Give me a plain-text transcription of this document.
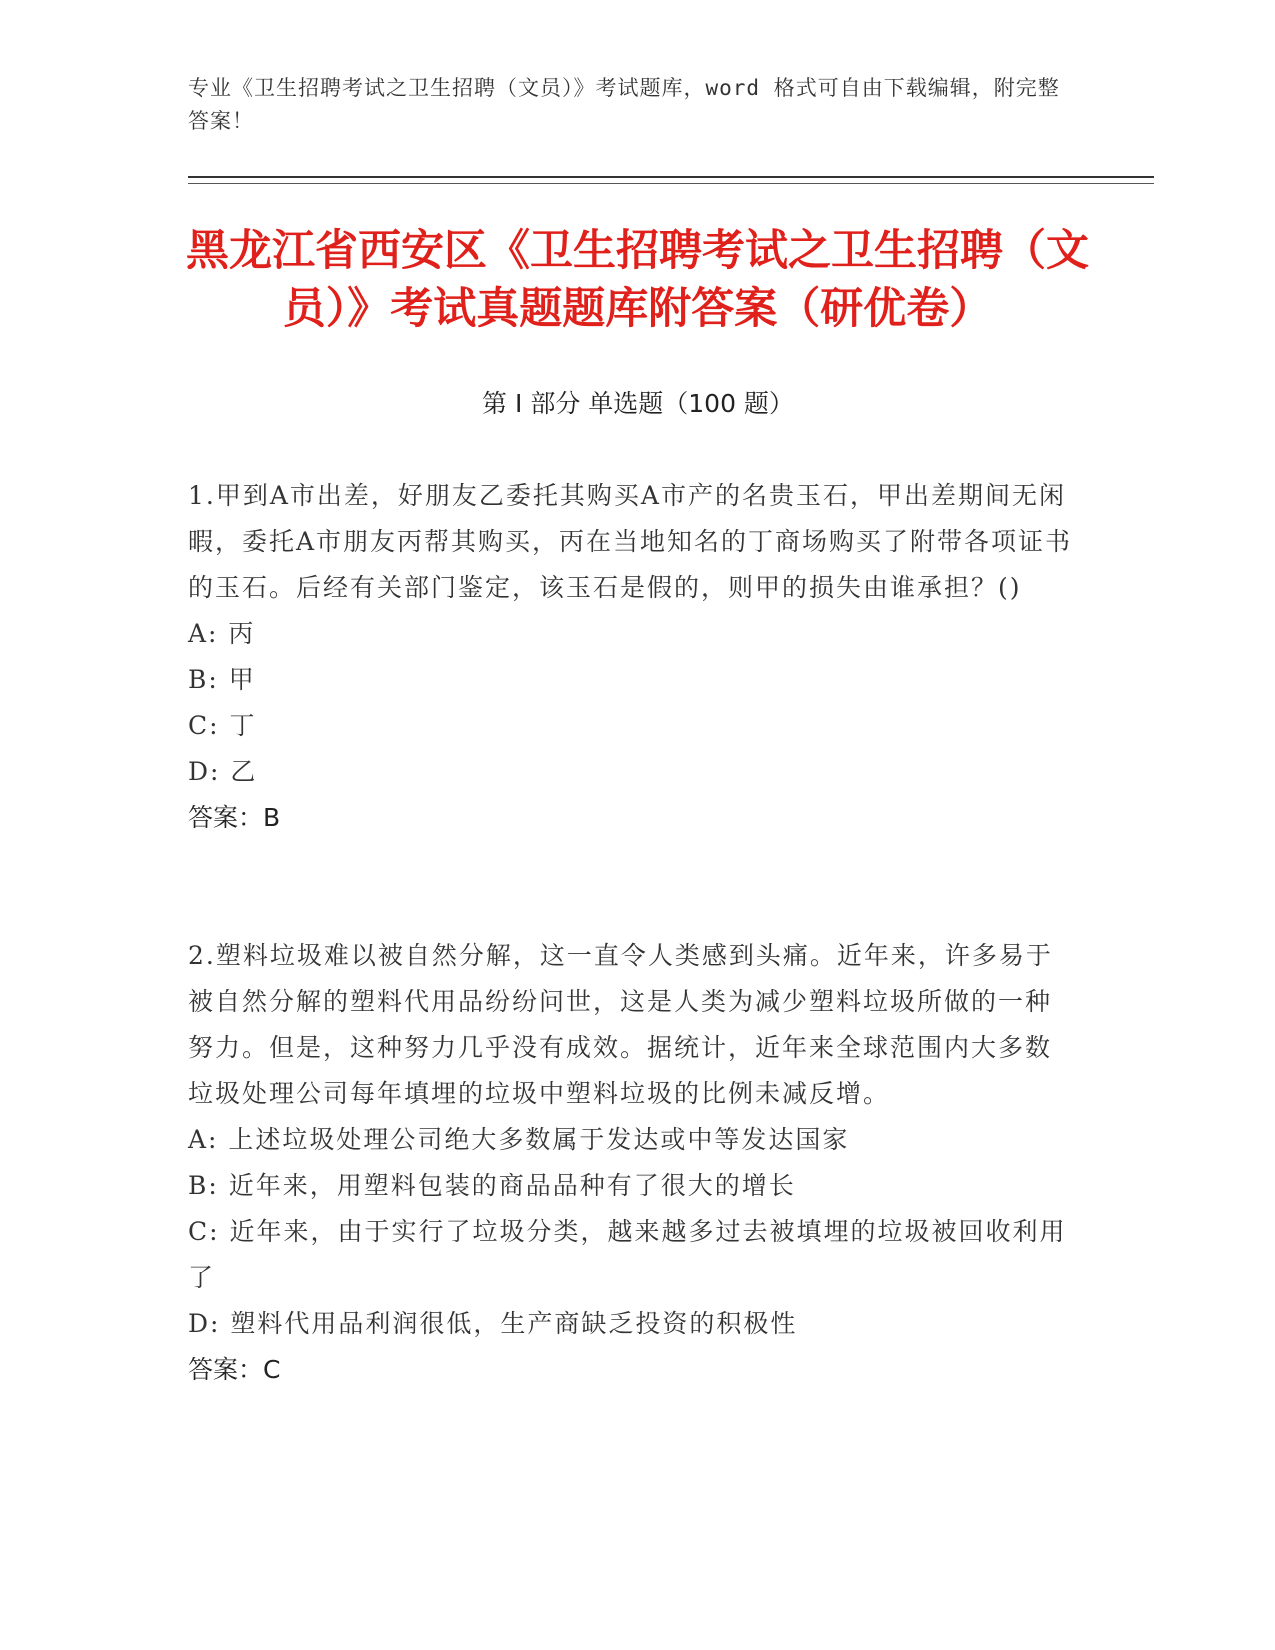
专业《卫生招聘考试之卫生招聘（文员）》考试题库，word 格式可自由下载编辑，附完整答案！
黑龙江省西安区《卫生招聘考试之卫生招聘（文员）》考试真题题库附答案（研优卷）
第 I 部分 单选题（100 题）

1.甲到A市出差，好朋友乙委托其购买A市产的名贵玉石，甲出差期间无闲暇，委托A市朋友丙帮其购买，丙在当地知名的丁商场购买了附带各项证书的玉石。后经有关部门鉴定，该玉石是假的，则甲的损失由谁承担？()

A: 丙

B: 甲

C: 丁

D: 乙

答案：B

2.塑料垃圾难以被自然分解，这一直令人类感到头痛。近年来，许多易于被自然分解的塑料代用品纷纷问世，这是人类为减少塑料垃圾所做的一种努力。但是，这种努力几乎没有成效。据统计，近年来全球范围内大多数垃圾处理公司每年填埋的垃圾中塑料垃圾的比例未减反增。

A: 上述垃圾处理公司绝大多数属于发达或中等发达国家

B: 近年来，用塑料包装的商品品种有了很大的增长

C: 近年来，由于实行了垃圾分类，越来越多过去被填埋的垃圾被回收利用了

D: 塑料代用品利润很低，生产商缺乏投资的积极性

答案：C
